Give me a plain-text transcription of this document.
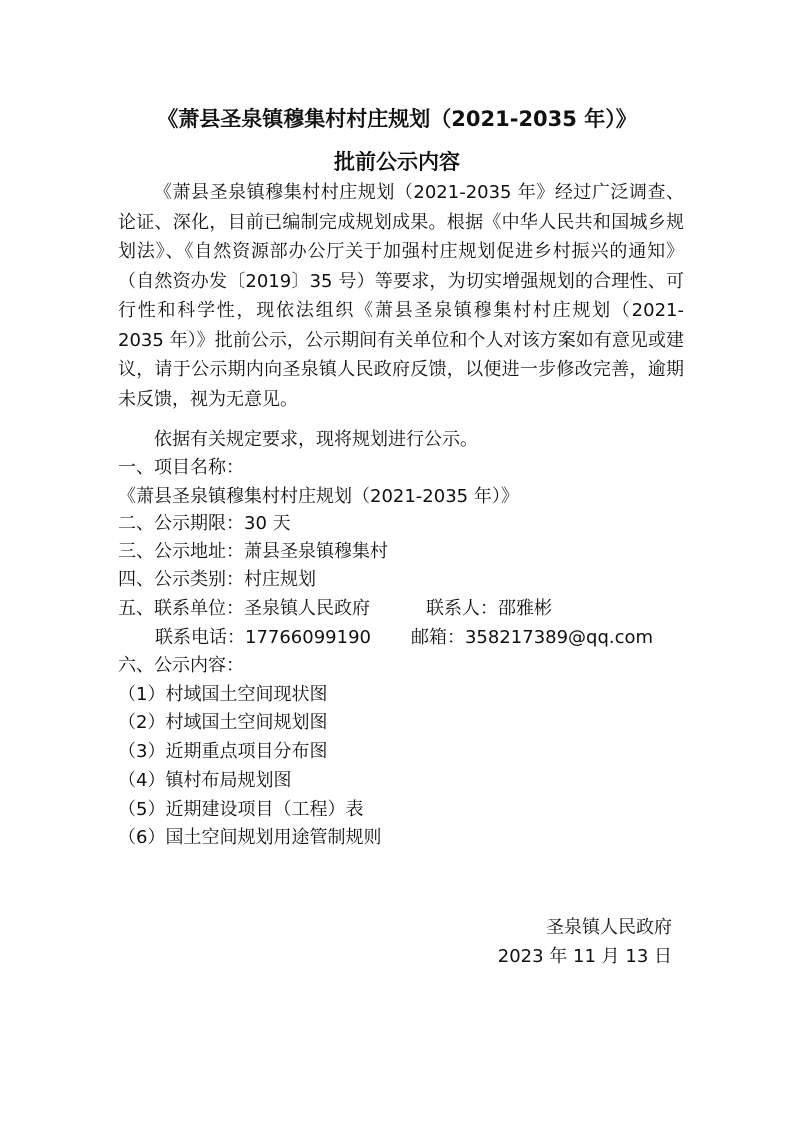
《萧县圣泉镇穆集村村庄规划（2021-2035 年）》
批前公示内容

《萧县圣泉镇穆集村村庄规划（2021-2035 年》经过广泛调查、论证、深化，目前已编制完成规划成果。根据《中华人民共和国城乡规划法》、《自然资源部办公厅关于加强村庄规划促进乡村振兴的通知》（自然资办发〔2019〕35 号）等要求，为切实增强规划的合理性、可行性和科学性，现依法组织《萧县圣泉镇穆集村村庄规划（2021-2035 年）》批前公示，公示期间有关单位和个人对该方案如有意见或建议，请于公示期内向圣泉镇人民政府反馈，以便进一步修改完善，逾期未反馈，视为无意见。

依据有关规定要求，现将规划进行公示。

一、项目名称：

《萧县圣泉镇穆集村村庄规划（2021-2035 年）》

二、公示期限：30 天

三、公示地址：萧县圣泉镇穆集村

四、公示类别：村庄规划

五、联系单位：圣泉镇人民政府	联系人：邵雅彬

联系电话：17766099190 邮箱：358217389@qq.com

六、公示内容：

（1）村域国土空间现状图

（2）村域国土空间规划图

（3）近期重点项目分布图

（4）镇村布局规划图

（5）近期建设项目（工程）表

（6）国土空间规划用途管制规则

圣泉镇人民政府
2023 年 11 月 13 日
